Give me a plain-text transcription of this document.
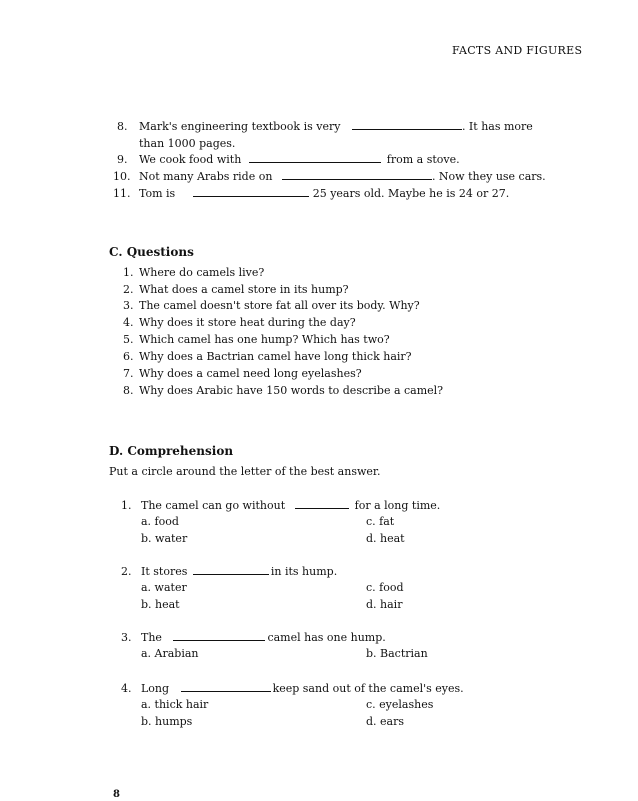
FACTS AND FIGURES
8. Mark's engineering textbook is very	. It has more
than 1000 pages.
9. We cook food with	from a stove.
10. Not many Arabs ride on	. Now they use cars.
11. Tom is	25 years old. Maybe he is 24 or 27.
C. Questions
1. Where do camels live?
2. What does a camel store in its hump?
3. The camel doesn't store fat all over its body. Why?
4. Why does it store heat during the day?
5. Which camel has one hump? Which has two?
6. Why does a Bactrian camel have long thick hair?
7. Why does a camel need long eyelashes?
8. Why does Arabic have 150 words to describe a camel?
D. Comprehension
Put a circle around the letter of the best answer.
1. The camel can go without	for a long time.
a. food	c. fat
b. water	d. heat
2. It stores	in its hump.
a. water	c. food
b. heat	d. hair
3. The	camel has one hump.
a. Arabian	b. Bactrian
4. Long	keep sand out of the camel's eyes.
a. thick hair	c. eyelashes
b. humps	d. ears
8
